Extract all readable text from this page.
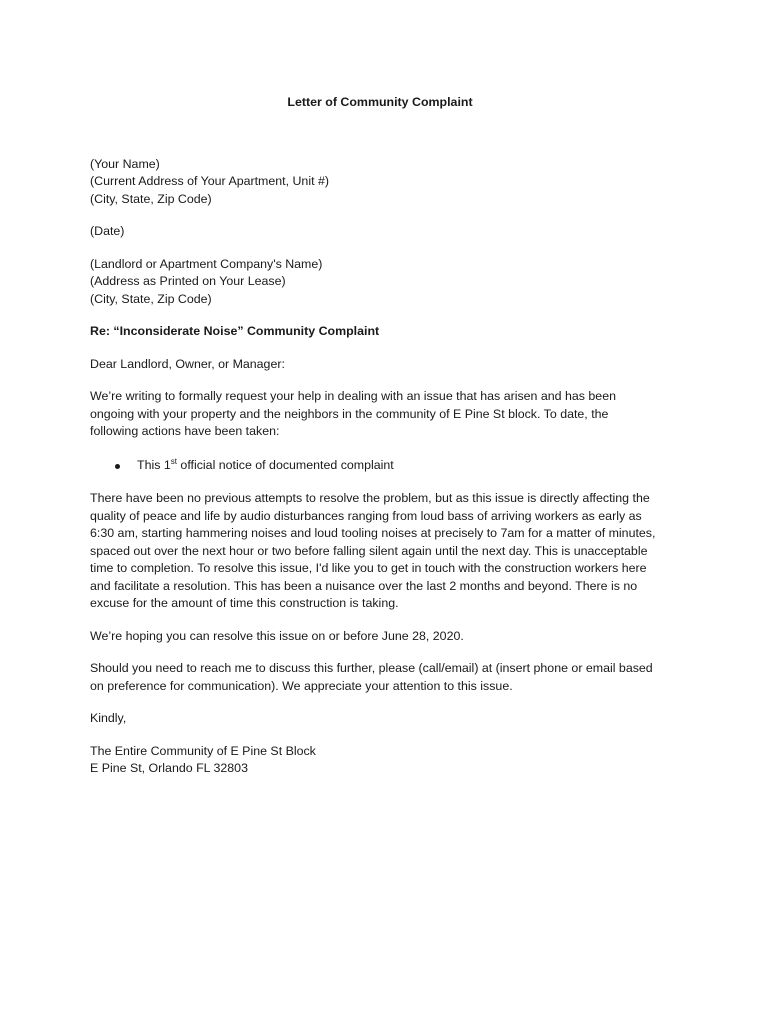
Letter of Community Complaint
(Your Name)
(Current Address of Your Apartment, Unit #)
(City, State, Zip Code)
(Date)
(Landlord or Apartment Company's Name)
(Address as Printed on Your Lease)
(City, State, Zip Code)
Re: “Inconsiderate Noise” Community Complaint
Dear Landlord, Owner, or Manager:
We’re writing to formally request your help in dealing with an issue that has arisen and has been
ongoing with your property and the neighbors in the community of E Pine St block. To date, the
following actions have been taken:
This 1st official notice of documented complaint
There have been no previous attempts to resolve the problem, but as this issue is directly affecting the
quality of peace and life by audio disturbances ranging from loud bass of arriving workers as early as
6:30 am, starting hammering noises and loud tooling noises at precisely to 7am for a matter of minutes,
spaced out over the next hour or two before falling silent again until the next day. This is unacceptable
time to completion. To resolve this issue, I'd like you to get in touch with the construction workers here
and facilitate a resolution. This has been a nuisance over the last 2 months and beyond. There is no
excuse for the amount of time this construction is taking.
We’re hoping you can resolve this issue on or before June 28, 2020.
Should you need to reach me to discuss this further, please (call/email) at (insert phone or email based
on preference for communication). We appreciate your attention to this issue.
Kindly,
The Entire Community of E Pine St Block
E Pine St, Orlando FL 32803
